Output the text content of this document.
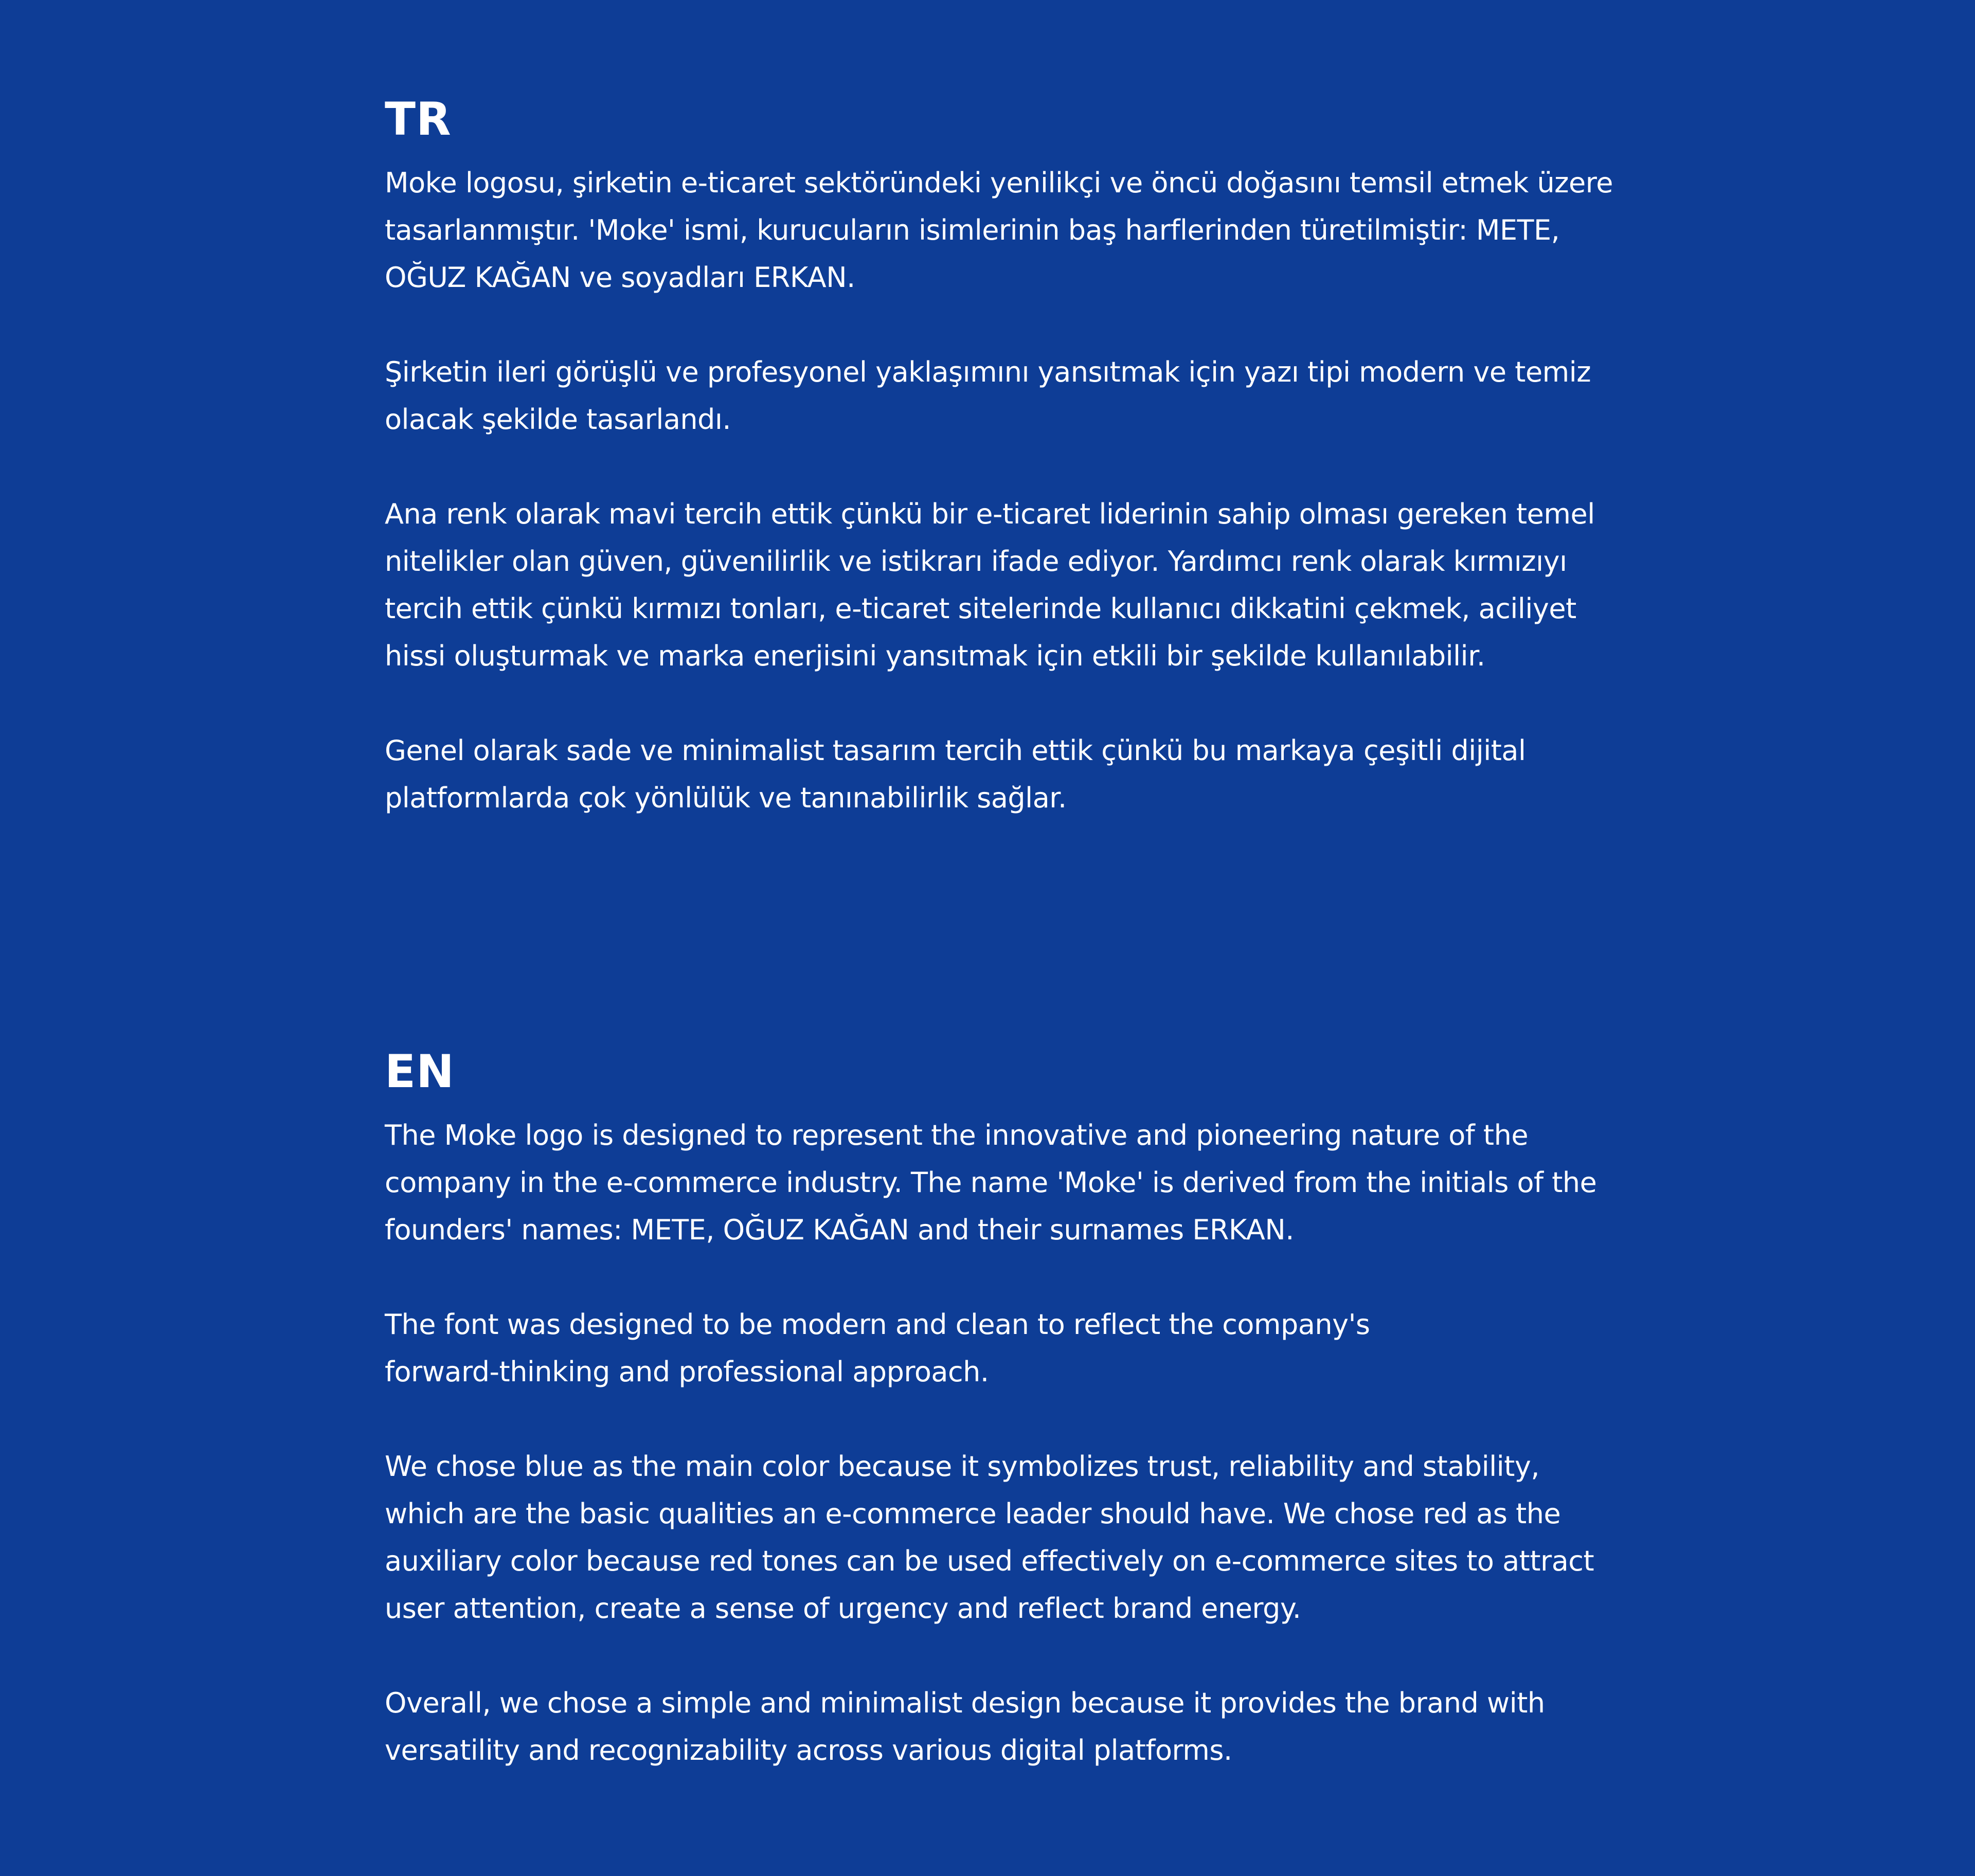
TR

Moke logosu, şirketin e-ticaret sektöründeki yenilikçi ve öncü doğasını temsil etmek üzere
tasarlanmıştır. 'Moke' ismi, kurucuların isimlerinin baş harflerinden türetilmiştir: METE,
OĞUZ KAĞAN ve soyadları ERKAN.

Şirketin ileri görüşlü ve profesyonel yaklaşımını yansıtmak için yazı tipi modern ve temiz
olacak şekilde tasarlandı.

Ana renk olarak mavi tercih ettik çünkü bir e-ticaret liderinin sahip olması gereken temel
nitelikler olan güven, güvenilirlik ve istikrarı ifade ediyor. Yardımcı renk olarak kırmızıyı
tercih ettik çünkü kırmızı tonları, e-ticaret sitelerinde kullanıcı dikkatini çekmek, aciliyet
hissi oluşturmak ve marka enerjisini yansıtmak için etkili bir şekilde kullanılabilir.

Genel olarak sade ve minimalist tasarım tercih ettik çünkü bu markaya çeşitli dijital
platformlarda çok yönlülük ve tanınabilirlik sağlar.

EN

The Moke logo is designed to represent the innovative and pioneering nature of the
company in the e-commerce industry. The name 'Moke' is derived from the initials of the
founders' names: METE, OĞUZ KAĞAN and their surnames ERKAN.

The font was designed to be modern and clean to reflect the company's
forward-thinking and professional approach.

We chose blue as the main color because it symbolizes trust, reliability and stability,
which are the basic qualities an e-commerce leader should have. We chose red as the
auxiliary color because red tones can be used effectively on e-commerce sites to attract
user attention, create a sense of urgency and reflect brand energy.

Overall, we chose a simple and minimalist design because it provides the brand with
versatility and recognizability across various digital platforms.
